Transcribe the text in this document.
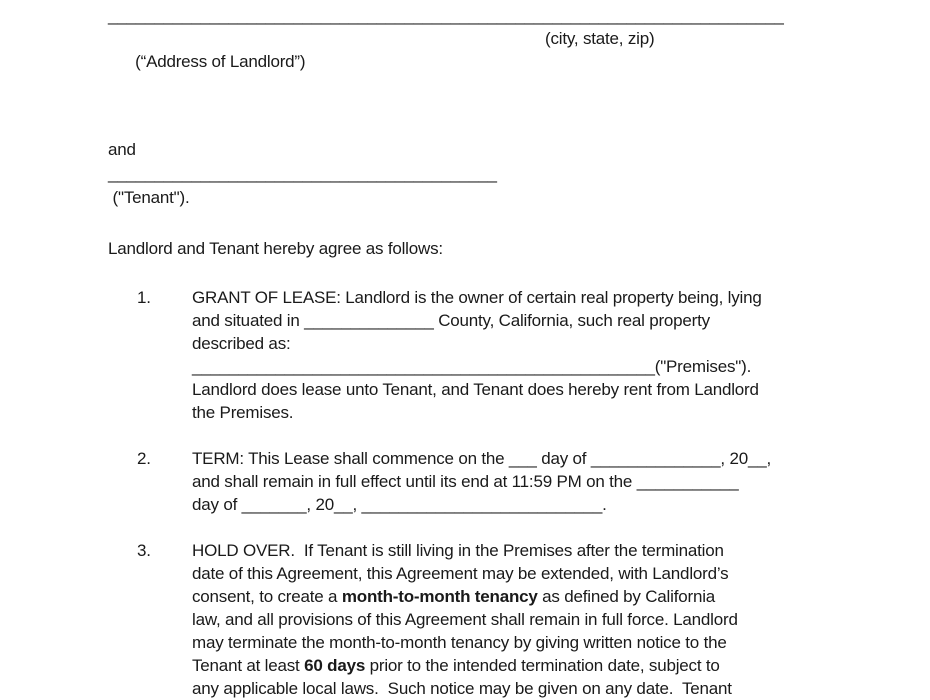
_________________________________________________________________________

(“Address of Landlord”)

(city, state, zip)

and
__________________________________________
("Tenant").
Landlord and Tenant hereby agree as follows:
1.	GRANT OF LEASE: Landlord is the owner of certain real property being, lying
and situated in ______________ County, California, such real property
described as:
__________________________________________________("Premises").
Landlord does lease unto Tenant, and Tenant does hereby rent from Landlord
the Premises.
2.	TERM: This Lease shall commence on the ___ day of ______________, 20__,
and shall remain in full effect until its end at 11:59 PM on the ___________
day of _______, 20__, __________________________.
3.	HOLD OVER.  If Tenant is still living in the Premises after the termination
date of this Agreement, this Agreement may be extended, with Landlord’s
consent, to create a month-to-month tenancy as defined by California
law, and all provisions of this Agreement shall remain in full force. Landlord
may terminate the month-to-month tenancy by giving written notice to the
Tenant at least 60 days prior to the intended termination date, subject to
any applicable local laws.  Such notice may be given on any date.  Tenant
